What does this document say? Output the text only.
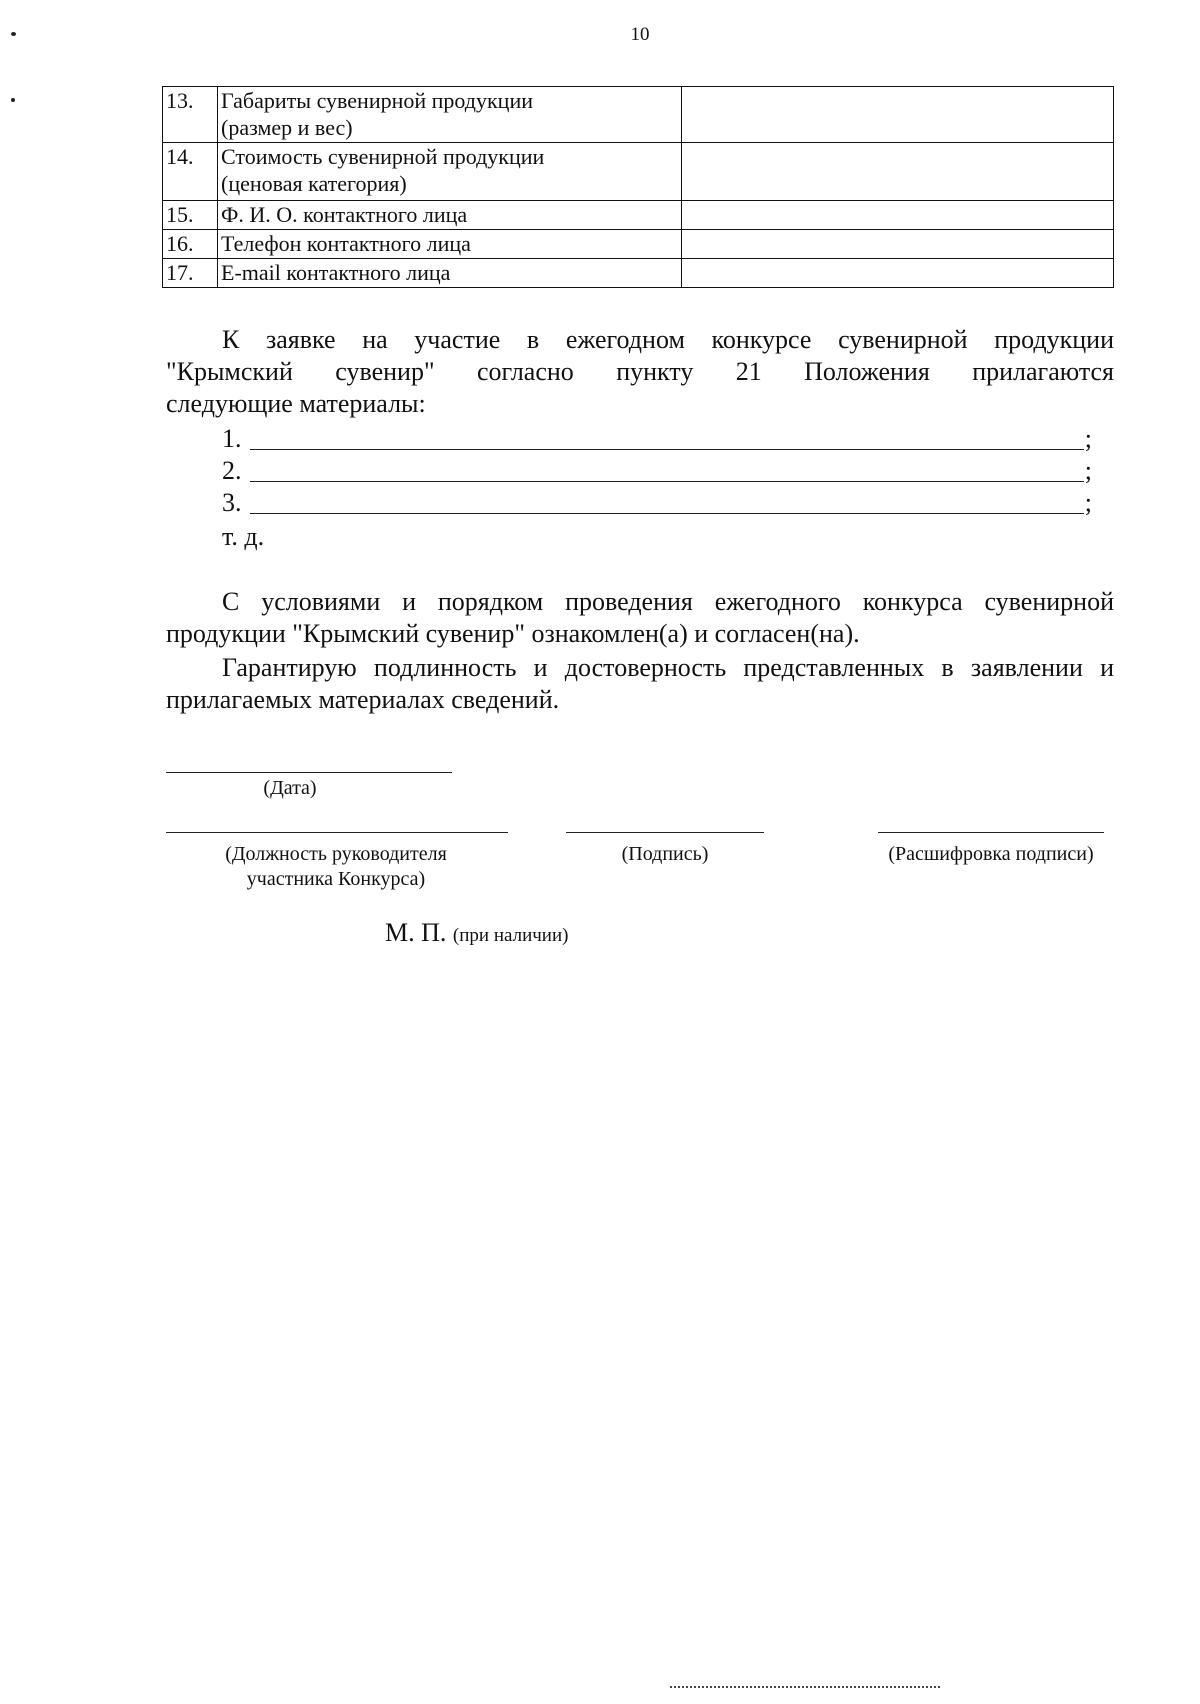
10
13.	Габариты сувенирной продукции
(размер и вес)	

14.	Стоимость сувенирной продукции
(ценовая категория)	

15.	Ф. И. О. контактного лица	

16.	Телефон контактного лица	

17.	E-mail контактного лица	

К заявке на участие в ежегодном конкурсе сувенирной продукции
"Крымский сувенир" согласно пункту 21 Положения прилагаются
следующие материалы:
1.	;
2.	;
3.	;
т. д.
С условиями и порядком проведения ежегодного конкурса сувенирной продукции "Крымский сувенир" ознакомлен(а) и согласен(на).
Гарантирую подлинность и достоверность представленных в заявлении и прилагаемых материалах сведений.
(Дата)
(Должность руководителя
участника Конкурса)
(Подпись)	(Расшифровка подписи)
М. П. (при наличии)
